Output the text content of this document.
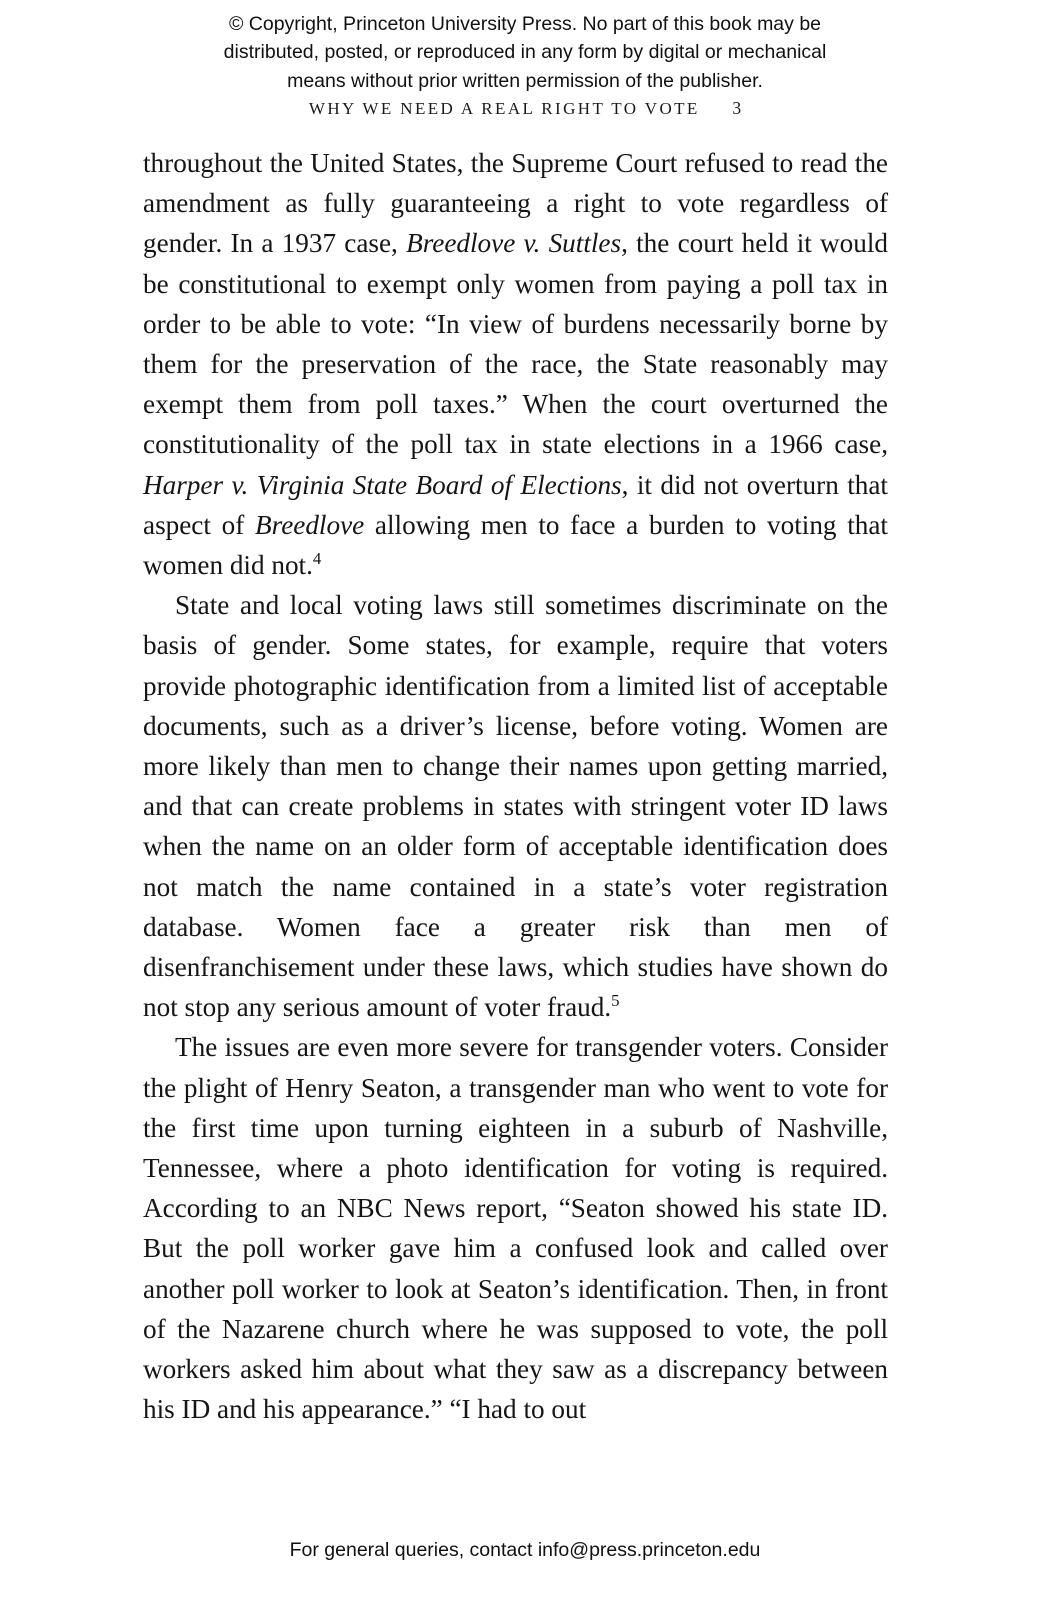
© Copyright, Princeton University Press. No part of this book may be
distributed, posted, or reproduced in any form by digital or mechanical
means without prior written permission of the publisher.
WHY WE NEED A REAL RIGHT TO VOTE 3

throughout the United States, the Supreme Court refused to read the amendment as fully guaranteeing a right to vote regardless of gender. In a 1937 case, Breedlove v. Suttles, the court held it would be constitutional to exempt only women from paying a poll tax in order to be able to vote: “In view of burdens necessarily borne by them for the preservation of the race, the State reasonably may exempt them from poll taxes.” When the court overturned the constitutionality of the poll tax in state elections in a 1966 case, Harper v. Virginia State Board of Elections, it did not overturn that aspect of Breedlove allowing men to face a burden to voting that women did not.$^4$

State and local voting laws still sometimes discriminate on the basis of gender. Some states, for example, require that voters provide photographic identification from a limited list of acceptable documents, such as a driver’s license, before voting. Women are more likely than men to change their names upon getting married, and that can create problems in states with stringent voter ID laws when the name on an older form of acceptable identification does not match the name contained in a state’s voter registration database. Women face a greater risk than men of disenfranchisement under these laws, which studies have shown do not stop any serious amount of voter fraud.$^5$

The issues are even more severe for transgender voters. Consider the plight of Henry Seaton, a transgender man who went to vote for the first time upon turning eighteen in a suburb of Nashville, Tennessee, where a photo identification for voting is required. According to an NBC News report, “Seaton showed his state ID. But the poll worker gave him a confused look and called over another poll worker to look at Seaton’s identification. Then, in front of the Nazarene church where he was supposed to vote, the poll workers asked him about what they saw as a discrepancy between his ID and his appearance.” “I had to out

For general queries, contact info@press.princeton.edu
